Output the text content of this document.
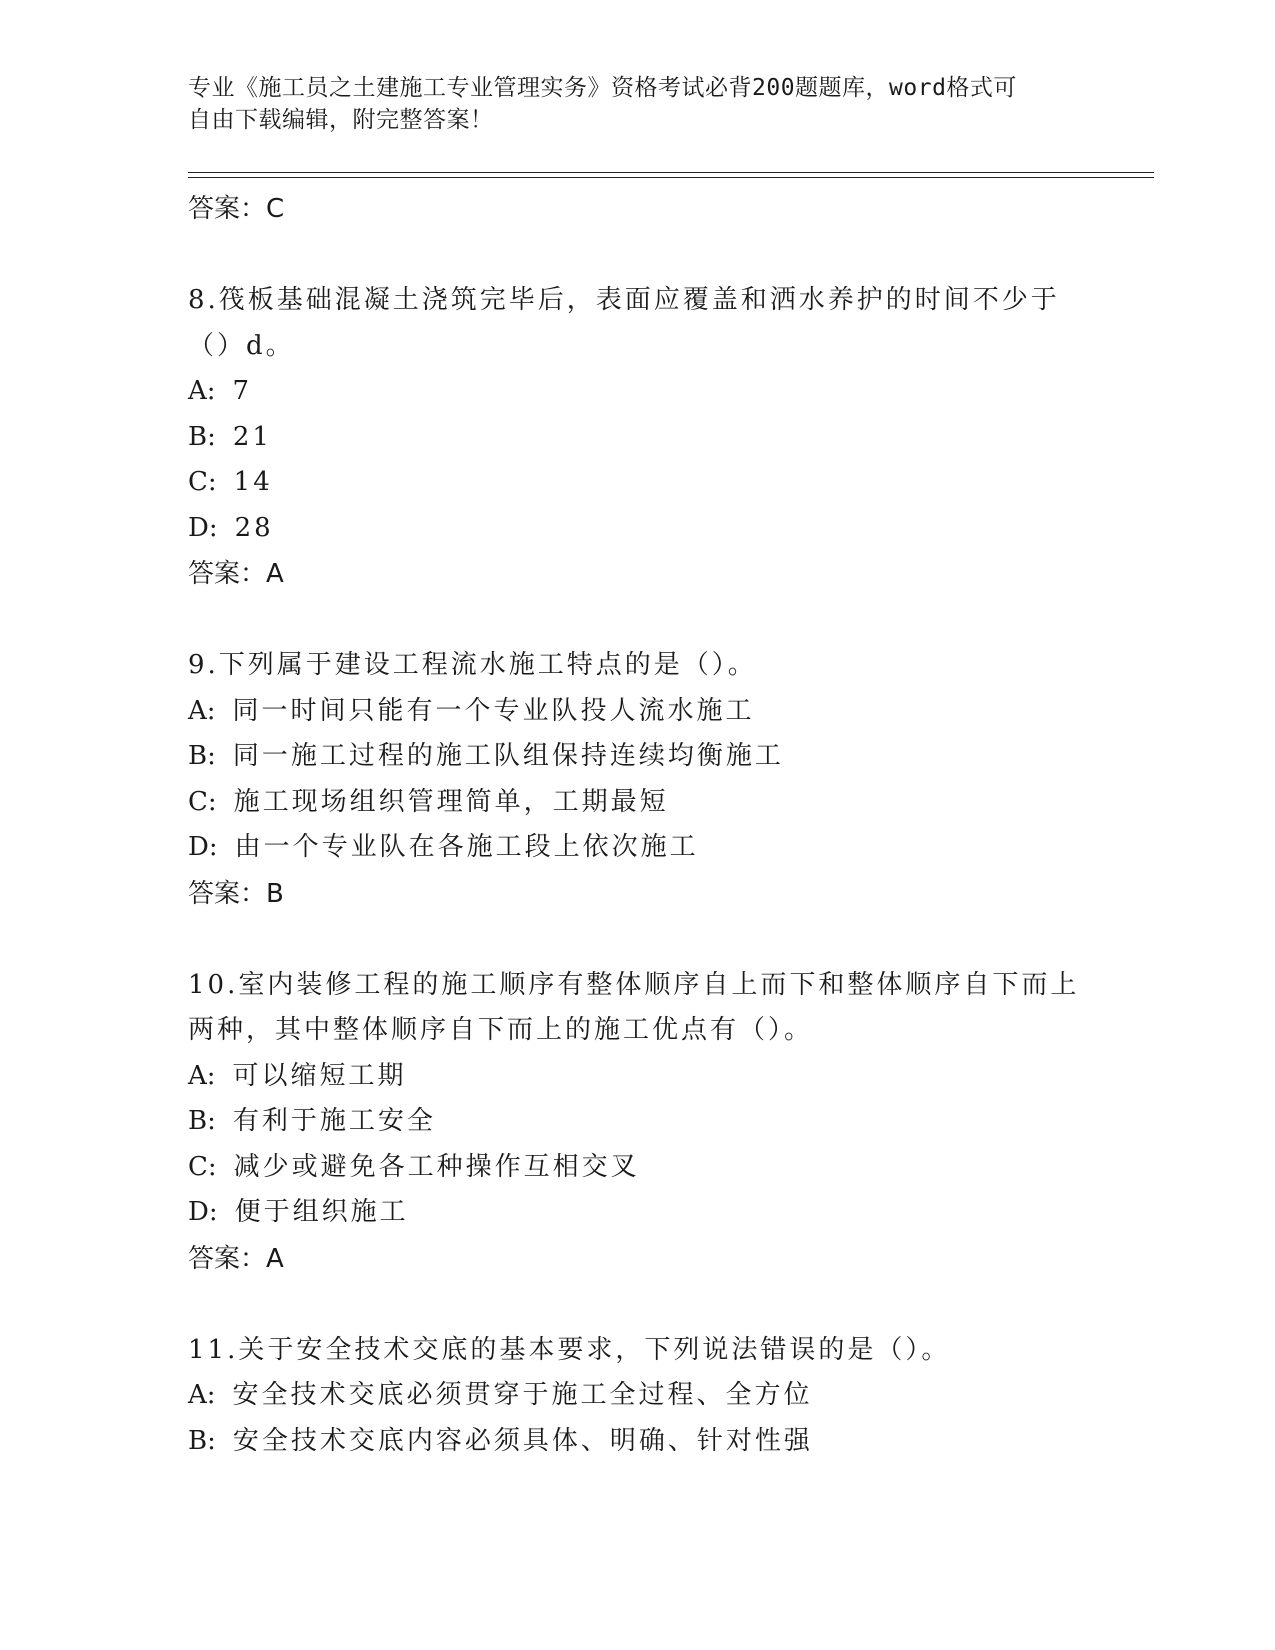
专业《施工员之土建施工专业管理实务》资格考试必背200题题库，word格式可
自由下载编辑，附完整答案！
答案：C
8.筏板基础混凝土浇筑完毕后，表面应覆盖和洒水养护的时间不少于
（）d。
A: 7
B: 21
C: 14
D: 28
答案：A
9.下列属于建设工程流水施工特点的是（）。
A: 同一时间只能有一个专业队投人流水施工
B: 同一施工过程的施工队组保持连续均衡施工
C: 施工现场组织管理简单，工期最短
D: 由一个专业队在各施工段上依次施工
答案：B
10.室内装修工程的施工顺序有整体顺序自上而下和整体顺序自下而上
两种，其中整体顺序自下而上的施工优点有（）。
A: 可以缩短工期
B: 有利于施工安全
C: 减少或避免各工种操作互相交叉
D: 便于组织施工
答案：A
11.关于安全技术交底的基本要求，下列说法错误的是（）。
A: 安全技术交底必须贯穿于施工全过程、全方位
B: 安全技术交底内容必须具体、明确、针对性强
